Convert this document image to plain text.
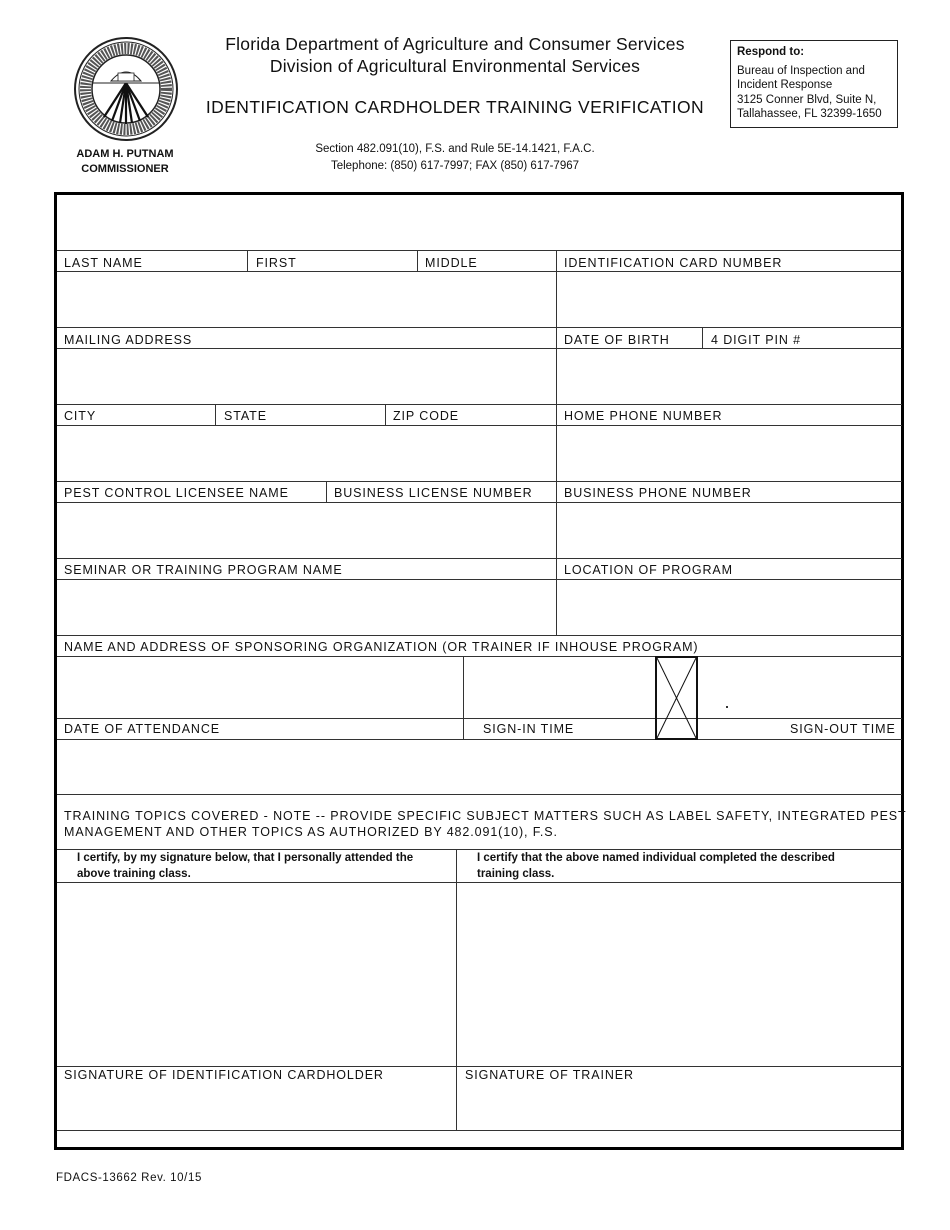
ADAM H. PUTNAM
COMMISSIONER
Florida Department of Agriculture and Consumer Services
Division of Agricultural Environmental Services
IDENTIFICATION CARDHOLDER TRAINING VERIFICATION
Section 482.091(10), F.S. and Rule 5E-14.1421, F.A.C.
Telephone: (850) 617-7997; FAX (850) 617-7967
Respond to:
Bureau of Inspection and
Incident Response
3125 Conner Blvd, Suite N,
Tallahassee, FL 32399-1650
LAST NAME	FIRST	MIDDLE	IDENTIFICATION CARD NUMBER
MAILING ADDRESS	DATE OF BIRTH	4 DIGIT PIN #
CITY	STATE	ZIP CODE	HOME PHONE NUMBER
PEST CONTROL LICENSEE NAME	BUSINESS LICENSE NUMBER	BUSINESS PHONE NUMBER
SEMINAR OR TRAINING PROGRAM NAME	LOCATION OF PROGRAM
NAME AND ADDRESS OF SPONSORING ORGANIZATION (OR TRAINER IF INHOUSE PROGRAM)
DATE OF ATTENDANCE	SIGN-IN TIME	SIGN-OUT TIME
TRAINING TOPICS COVERED - NOTE -- PROVIDE SPECIFIC SUBJECT MATTERS SUCH AS LABEL SAFETY, INTEGRATED PEST
MANAGEMENT AND OTHER TOPICS AS AUTHORIZED BY 482.091(10), F.S.
I certify, by my signature below, that I personally attended the
above training class.
I certify that the above named individual completed the described
training class.
SIGNATURE OF IDENTIFICATION CARDHOLDER	SIGNATURE OF TRAINER
FDACS-13662 Rev. 10/15
